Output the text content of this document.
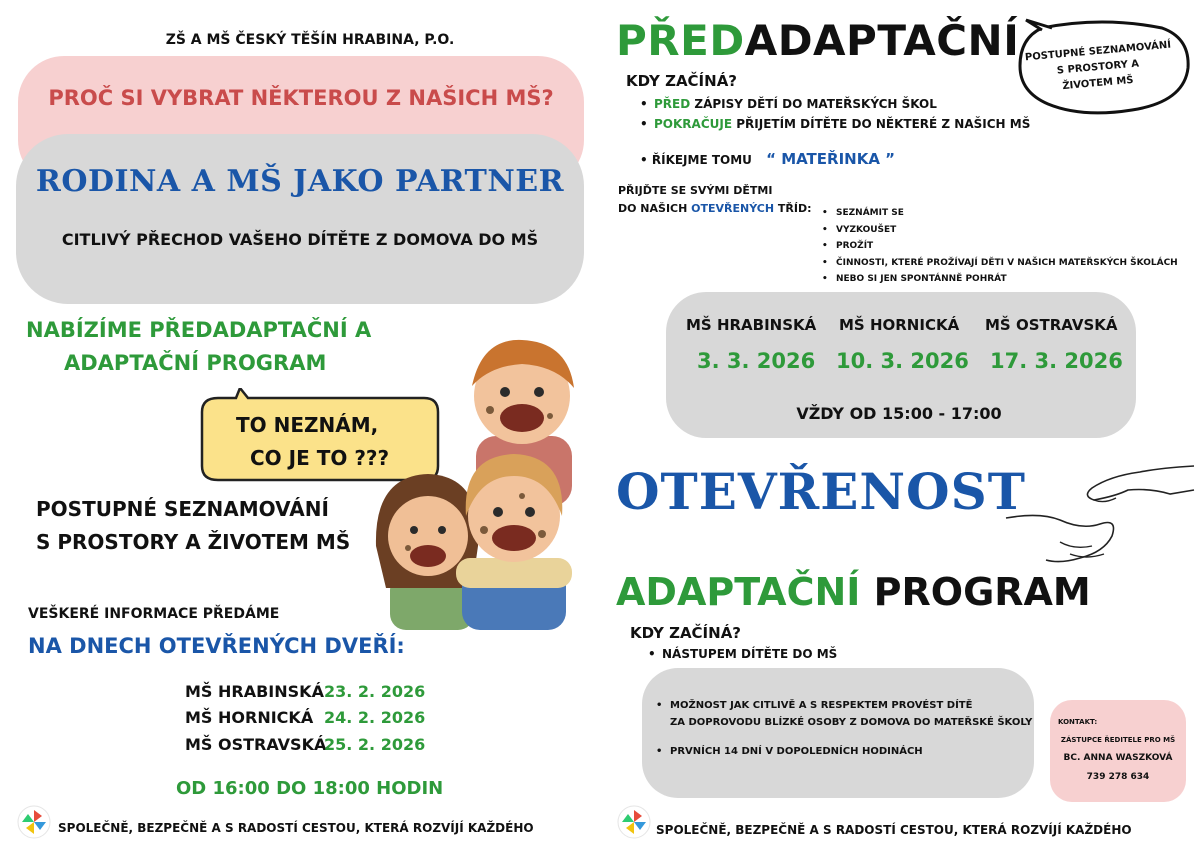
ZŠ A MŠ ČESKÝ TĚŠÍN HRABINA, P.O.
PROČ SI VYBRAT NĚKTEROU Z NAŠICH MŠ?
RODINA A MŠ JAKO PARTNER
CITLIVÝ PŘECHOD VAŠEHO DÍTĚTE Z DOMOVA DO MŠ
NABÍZÍME PŘEDADAPTAČNÍ A
ADAPTAČNÍ PROGRAM
TO NEZNÁM,
CO JE TO ???
POSTUPNÉ SEZNAMOVÁNÍ
S PROSTORY A ŽIVOTEM MŠ
VEŠKERÉ INFORMACE PŘEDÁME
NA DNECH OTEVŘENÝCH DVEŘÍ:
MŠ HRABINSKÁ 23. 2. 2026
MŠ HORNICKÁ 24. 2. 2026
MŠ OSTRAVSKÁ
25. 2. 2026
OD 16:00 DO 18:00 HODIN
SPOLEČNĚ, BEZPEČNĚ A S RADOSTÍ CESTOU, KTERÁ ROZVÍJÍ KAŽDÉHO
PŘEDADAPTAČNÍ POSTUPNÉ SEZNAMOVÁNÍ
S PROSTORY A
ŽIVOTEM MŠ
KDY ZAČÍNÁ?
• PŘED ZÁPISY DĚTÍ DO MATEŘSKÝCH ŠKOL
• POKRAČUJE PŘIJETÍM DÍTĚTE DO NĚKTERÉ Z NAŠICH MŠ
• ŘÍKEJME TOMU “ MATEŘINKA ”
PŘIJĎTE SE SVÝMI DĚTMI
DO NAŠICH OTEVŘENÝCH TŘÍD:
•	SEZNÁMIT SE
• VYZKOUŠET
• PROŽÍT
• ČINNOSTI, KTERÉ PROŽÍVAJÍ DĚTI V NAŠICH MATEŘSKÝCH ŠKOLÁCH
• NEBO SI JEN SPONTÁNNĚ POHRÁT
MŠ HRABINSKÁ MŠ HORNICKÁ MŠ OSTRAVSKÁ
3. 3. 2026 10. 3. 2026 17. 3. 2026
VŽDY OD 15:00 - 17:00
OTEVŘENOST
ADAPTAČNÍ PROGRAM
KDY ZAČÍNÁ?
• NÁSTUPEM DÍTĚTE DO MŠ
• MOŽNOST JAK CITLIVĚ A S RESPEKTEM PROVÉST DÍTĚ
ZA DOPROVODU BLÍZKÉ OSOBY Z DOMOVA DO MATEŘSKÉ ŠKOLY
• PRVNÍCH 14 DNÍ V DOPOLEDNÍCH HODINÁCH
KONTAKT:
ZÁSTUPCE ŘEDITELE PRO MŠ
BC. ANNA WASZKOVÁ
739 278 634
SPOLEČNĚ, BEZPEČNĚ A S RADOSTÍ CESTOU, KTERÁ ROZVÍJÍ KAŽDÉHO
